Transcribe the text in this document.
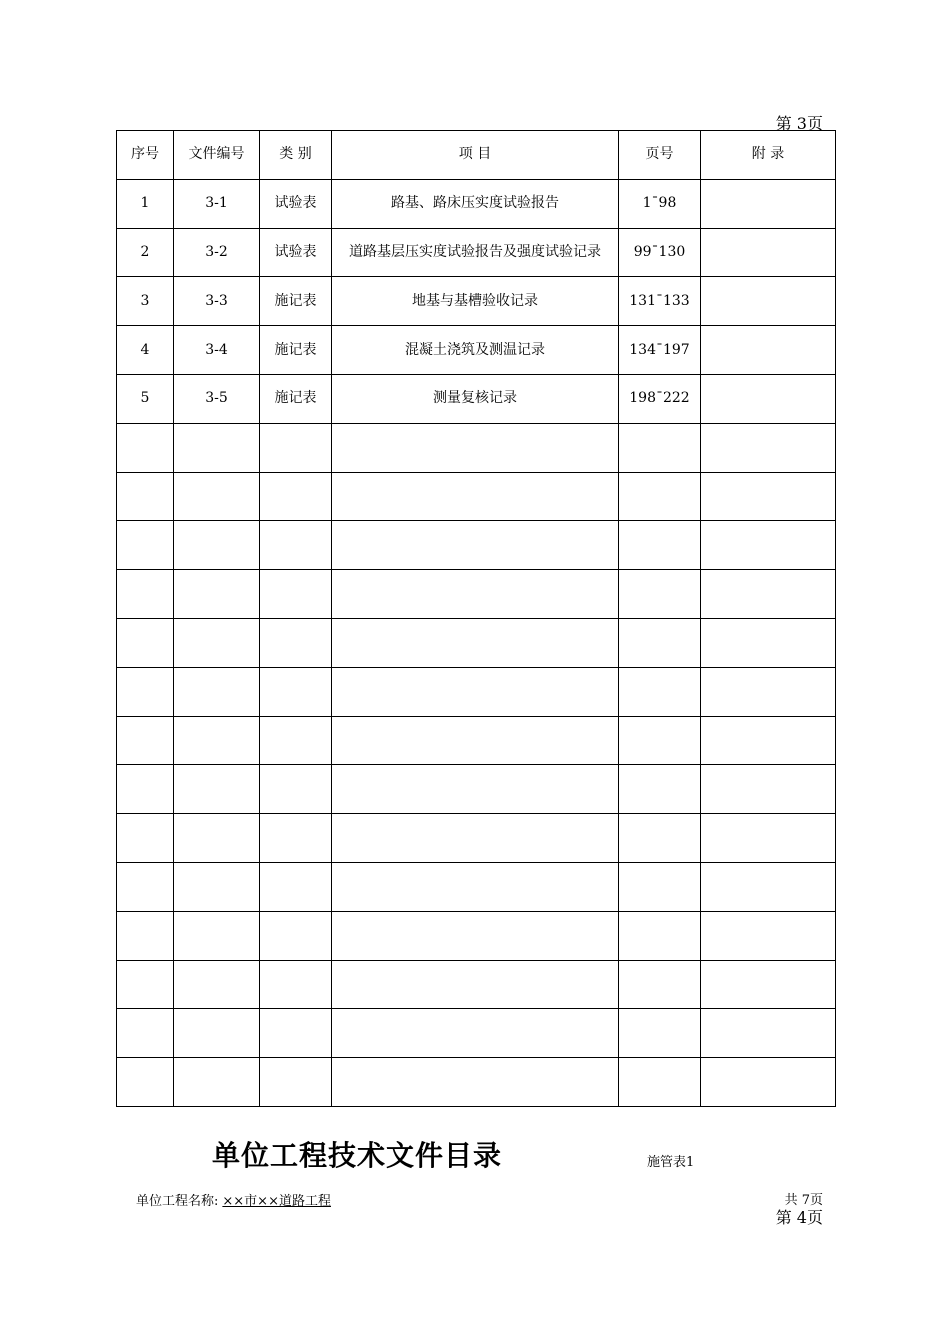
第 3页
序号	文件编号	类 别	项 目	页号	附 录
1	3-1	试验表	路基、路床压实度试验报告	1¯98	
2	3-2	试验表	道路基层压实度试验报告及强度试验记录	99¯130	
3	3-3	施记表	地基与基槽验收记录	131¯133	
4	3-4	施记表	混凝土浇筑及测温记录	134¯197	
5	3-5	施记表	测量复核记录	198¯222	

单位工程技术文件目录	施管表1
单位工程名称: ××市××道路工程	共 7页
第 4页
